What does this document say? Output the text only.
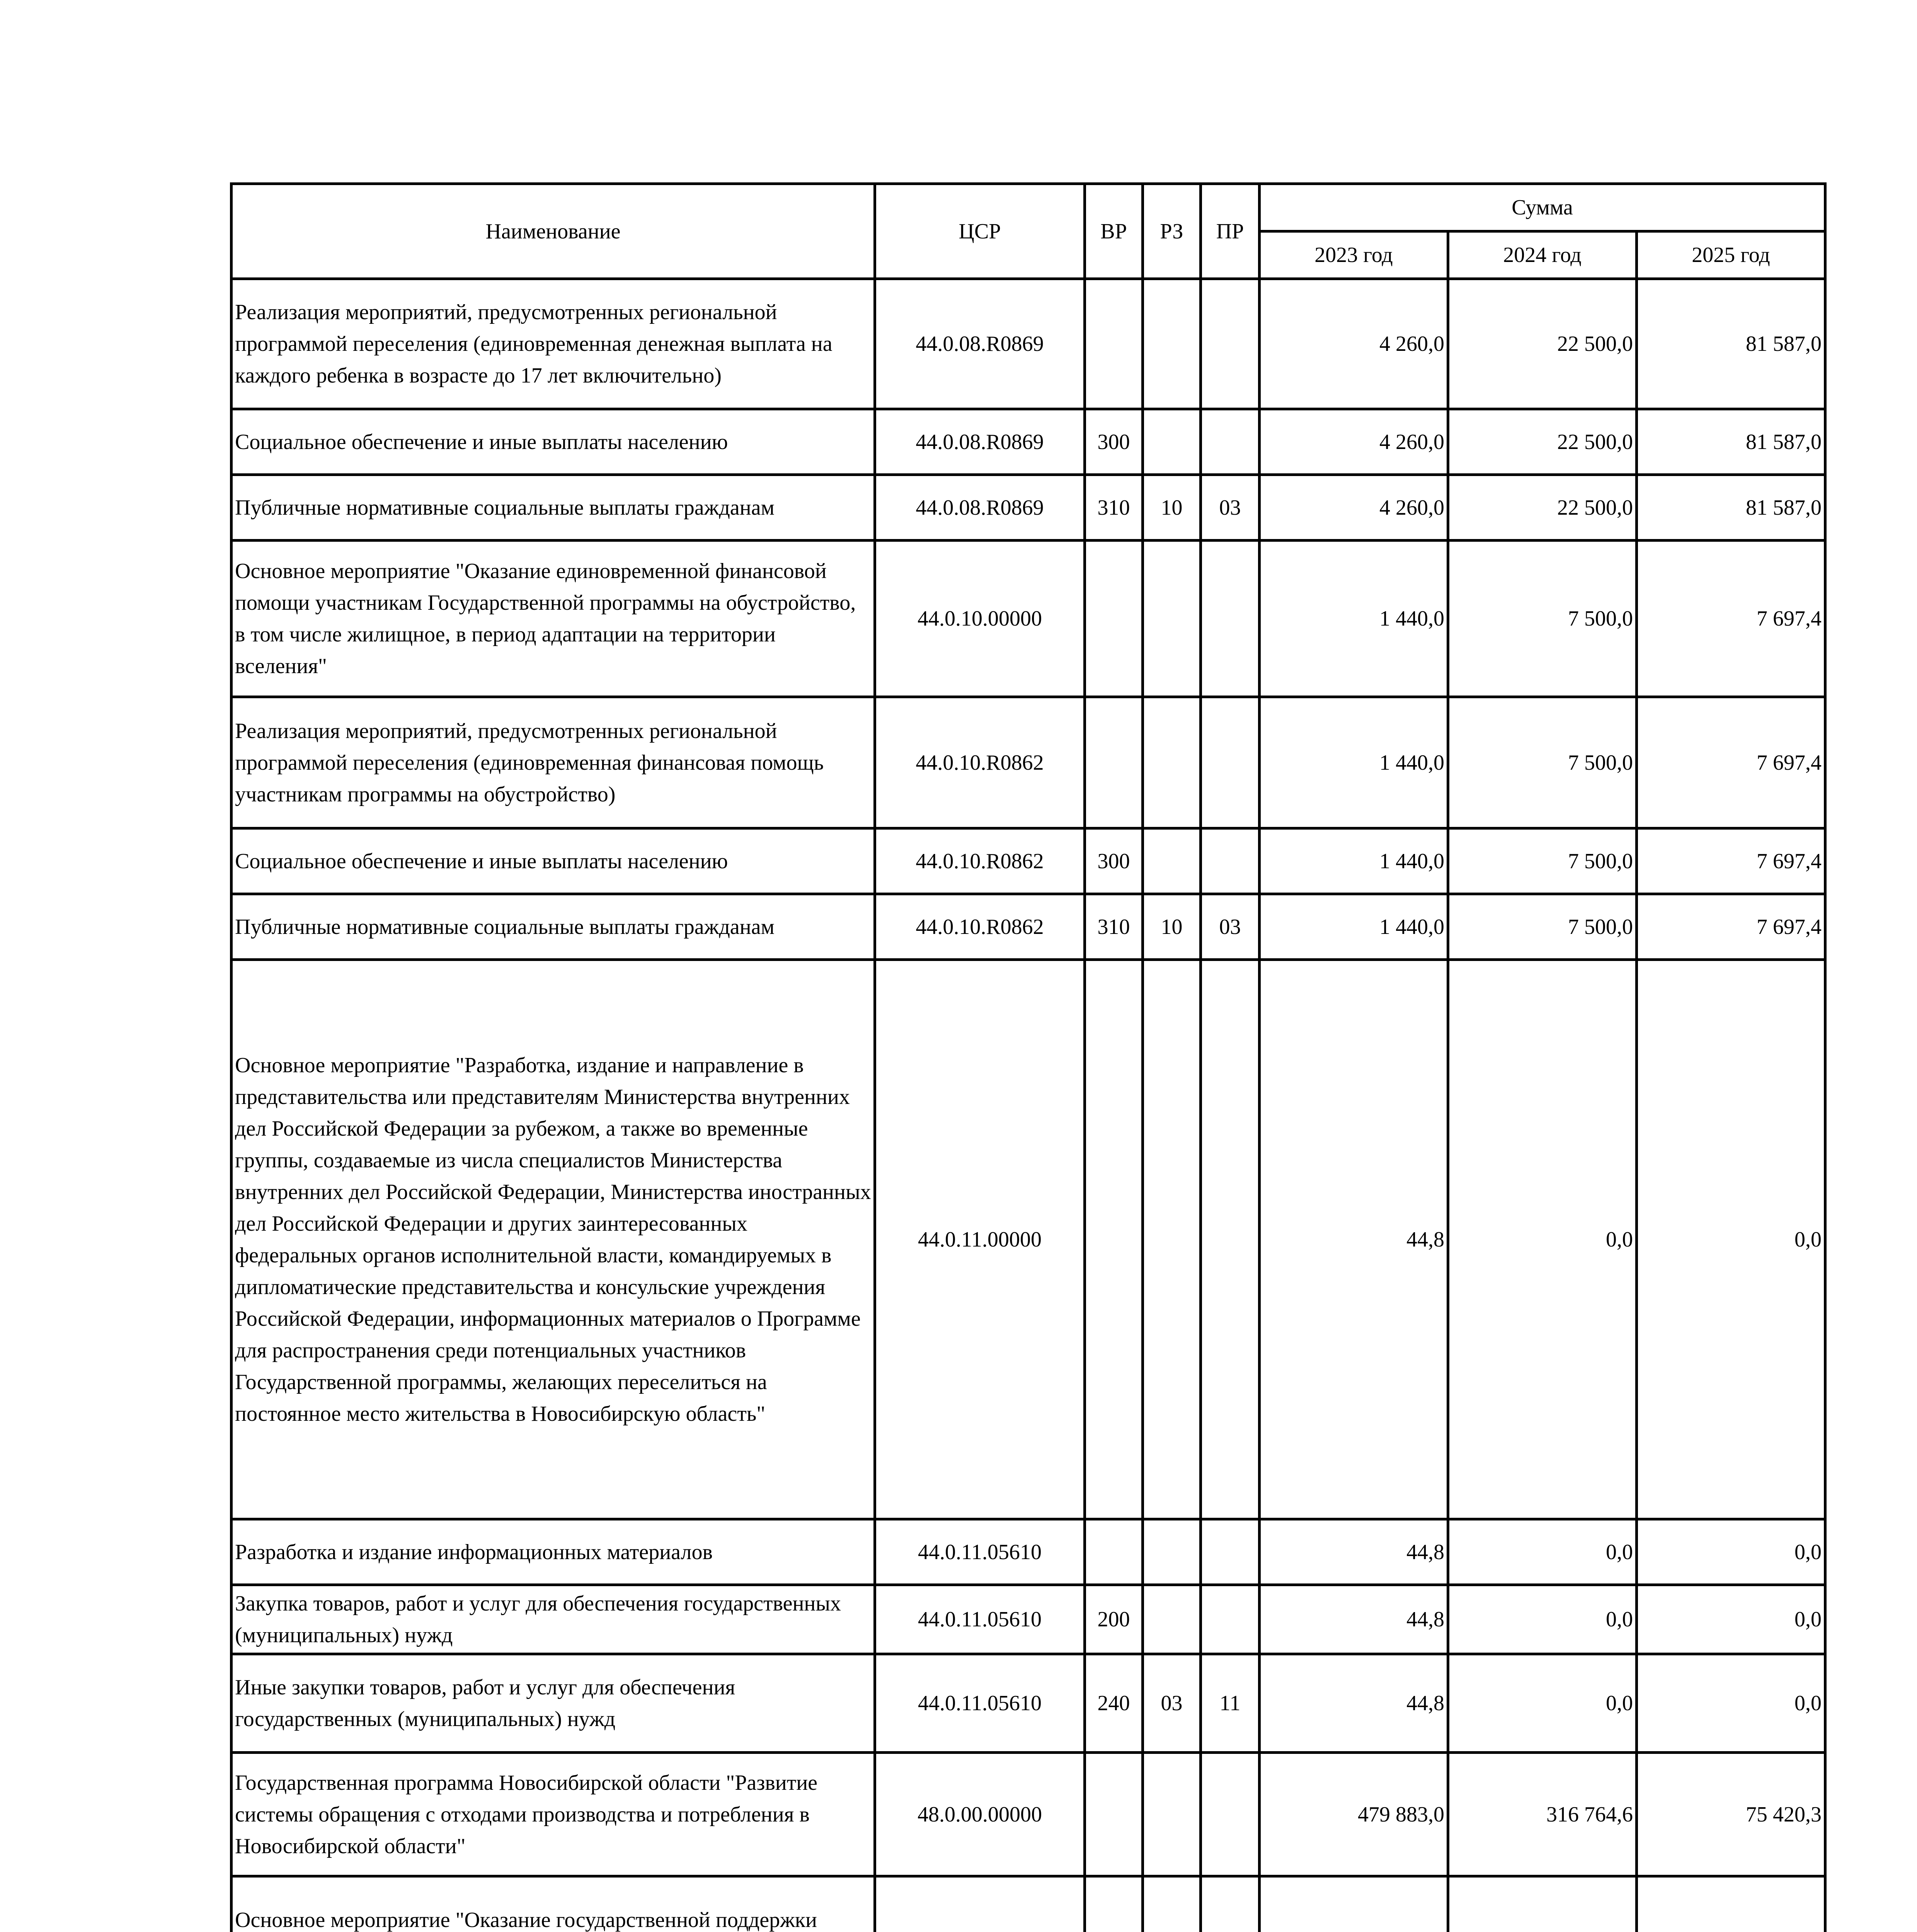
Наименование	ЦСР	ВР	РЗ	ПР	Сумма		
					2023 год	2024 год	2025 год
Реализация мероприятий, предусмотренных региональной программой переселения (единовременная денежная выплата на каждого ребенка в возрасте до 17 лет включительно)	44.0.08.R0869				4 260,0	22 500,0	81 587,0
Социальное обеспечение и иные выплаты населению	44.0.08.R0869	300			4 260,0	22 500,0	81 587,0
Публичные нормативные социальные выплаты гражданам	44.0.08.R0869	310	10	03	4 260,0	22 500,0	81 587,0
Основное мероприятие "Оказание единовременной финансовой помощи участникам Государственной программы на обустройство, в том числе жилищное, в период адаптации на территории вселения"	44.0.10.00000				1 440,0	7 500,0	7 697,4
Реализация мероприятий, предусмотренных региональной программой переселения (единовременная финансовая помощь участникам программы на обустройство)	44.0.10.R0862				1 440,0	7 500,0	7 697,4
Социальное обеспечение и иные выплаты населению	44.0.10.R0862	300			1 440,0	7 500,0	7 697,4
Публичные нормативные социальные выплаты гражданам	44.0.10.R0862	310	10	03	1 440,0	7 500,0	7 697,4
Основное мероприятие "Разработка, издание и направление в представительства или представителям Министерства внутренних дел Российской Федерации за рубежом, а также во временные группы, создаваемые из числа специалистов Министерства внутренних дел Российской Федерации, Министерства иностранных дел Российской Федерации и других заинтересованных федеральных органов исполнительной власти, командируемых в дипломатические представительства и консульские учреждения Российской Федерации, информационных материалов о Программе для распространения среди потенциальных участников Государственной программы, желающих переселиться на постоянное место жительства в Новосибирскую область"	44.0.11.00000				44,8	0,0	0,0
Разработка и издание информационных материалов	44.0.11.05610				44,8	0,0	0,0
Закупка товаров, работ и услуг для обеспечения государственных (муниципальных) нужд	44.0.11.05610	200			44,8	0,0	0,0
Иные закупки товаров, работ и услуг для обеспечения государственных (муниципальных) нужд	44.0.11.05610	240	03	11	44,8	0,0	0,0
Государственная программа Новосибирской области "Развитие системы обращения с отходами производства и потребления в Новосибирской области"	48.0.00.00000				479 883,0	316 764,6	75 420,3
Основное мероприятие "Оказание государственной поддержки							
